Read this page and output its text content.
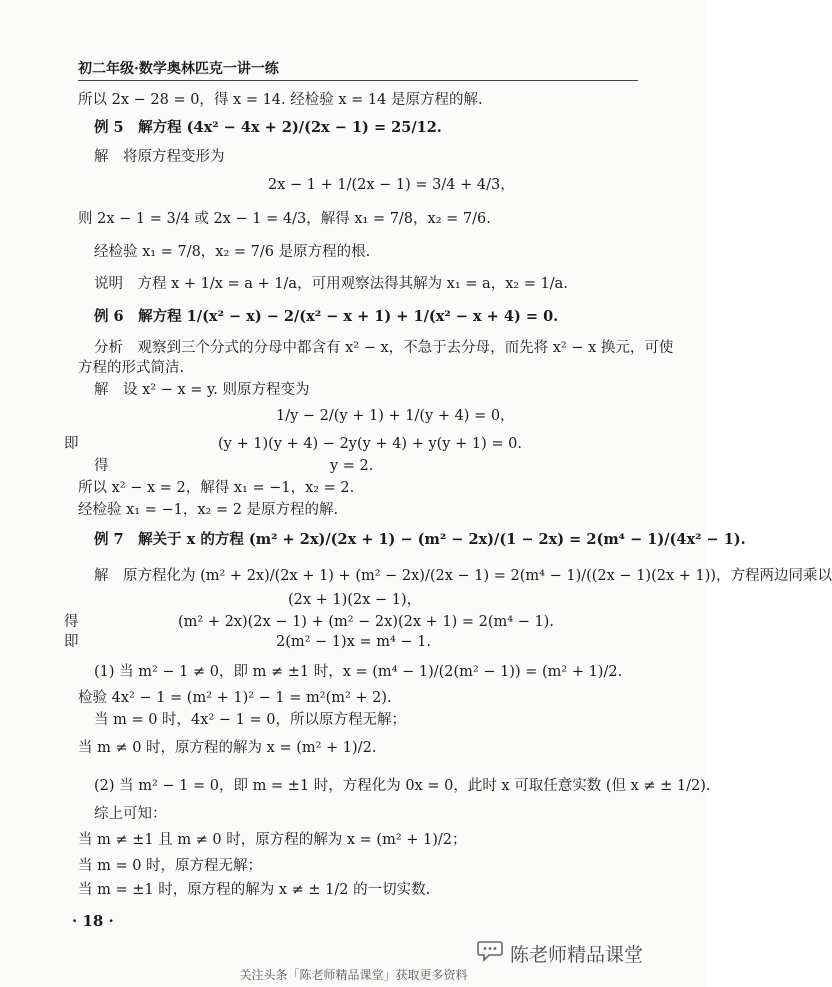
初二年级·数学奥林匹克一讲一练
所以 2x − 28 = 0，得 x = 14. 经检验 x = 14 是原方程的解.
例 5　解方程 (4x² − 4x + 2)/(2x − 1) = 25/12.
解　将原方程变形为
2x − 1 + 1/(2x − 1) = 3/4 + 4/3，
则 2x − 1 = 3/4 或 2x − 1 = 4/3，解得 x₁ = 7/8，x₂ = 7/6.
经检验 x₁ = 7/8，x₂ = 7/6 是原方程的根.
说明　方程 x + 1/x = a + 1/a，可用观察法得其解为 x₁ = a，x₂ = 1/a.
例 6　解方程 1/(x² − x) − 2/(x² − x + 1) + 1/(x² − x + 4) = 0.
分析　观察到三个分式的分母中都含有 x² − x，不急于去分母，而先将 x² − x 换元，可使
方程的形式简洁.
解　设 x² − x = y. 则原方程变为
1/y − 2/(y + 1) + 1/(y + 4) = 0，
即	(y + 1)(y + 4) − 2y(y + 4) + y(y + 1) = 0.
得	y = 2.
所以 x² − x = 2，解得 x₁ = −1，x₂ = 2.
经检验 x₁ = −1，x₂ = 2 是原方程的解.
例 7　解关于 x 的方程 (m² + 2x)/(2x + 1) − (m² − 2x)/(1 − 2x) = 2(m⁴ − 1)/(4x² − 1).
解　原方程化为 (m² + 2x)/(2x + 1) + (m² − 2x)/(2x − 1) = 2(m⁴ − 1)/((2x − 1)(2x + 1))，方程两边同乘以
(2x + 1)(2x − 1)，
得	(m² + 2x)(2x − 1) + (m² − 2x)(2x + 1) = 2(m⁴ − 1).
即	2(m² − 1)x = m⁴ − 1.
(1) 当 m² − 1 ≠ 0，即 m ≠ ±1 时，x = (m⁴ − 1)/(2(m² − 1)) = (m² + 1)/2.
检验 4x² − 1 = (m² + 1)² − 1 = m²(m² + 2).
当 m = 0 时，4x² − 1 = 0，所以原方程无解；
当 m ≠ 0 时，原方程的解为 x = (m² + 1)/2.
(2) 当 m² − 1 = 0，即 m = ±1 时，方程化为 0x = 0，此时 x 可取任意实数 (但 x ≠ ± 1/2).
综上可知：
当 m ≠ ±1 且 m ≠ 0 时，原方程的解为 x = (m² + 1)/2；
当 m = 0 时，原方程无解；
当 m = ±1 时，原方程的解为 x ≠ ± 1/2 的一切实数.
· 18 ·
陈老师精品课堂
关注头条「陈老师精品课堂」获取更多资料
